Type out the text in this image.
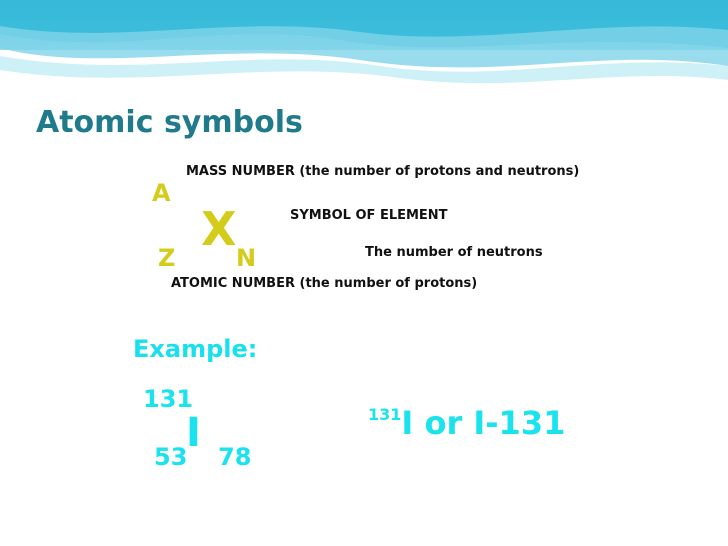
Atomic symbols
A
X
Z	N
MASS NUMBER (the number of protons and neutrons)
SYMBOL OF ELEMENT
The number of neutrons
ATOMIC NUMBER (the number of protons)
Example:
131
I
53 78
$^{131}$I or I-131
